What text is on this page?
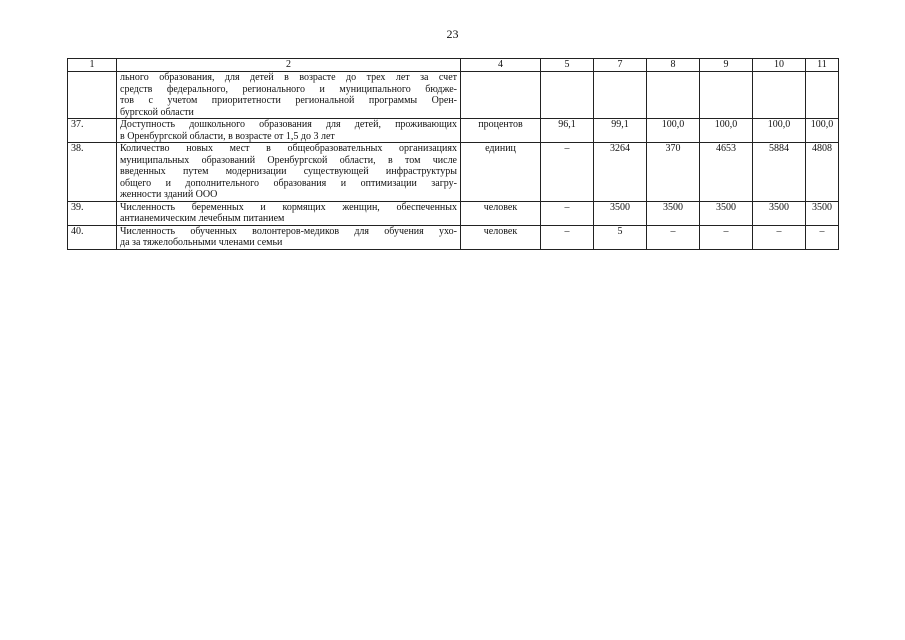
23
1	2	4	5	7	8	9	10	11

	льного образования, для детей в возрасте до трех лет за счет
средств федерального, регионального и муниципального бюдже-
тов с учетом приоритетности региональной программы Орен-
бургской области							

37.	Доступность дошкольного образования для детей, проживающих
в Оренбургской области, в возрасте от 1,5 до 3 лет	процентов	96,1	99,1	100,0	100,0	100,0	100,0
38.	Количество новых мест в общеобразовательных организациях
муниципальных образований Оренбургской области, в том числе
введенных путем модернизации существующей инфраструктуры
общего и дополнительного образования и оптимизации загру-
женности зданий ООО	единиц	–	3264	370	4653	5884	4808
39.	Численность беременных и кормящих женщин, обеспеченных
антианемическим лечебным питанием	человек	–	3500	3500	3500	3500	3500
40.	Численность обученных волонтеров-медиков для обучения ухо-
да за тяжелобольными членами семьи	человек	–	5	–	–	–	–
